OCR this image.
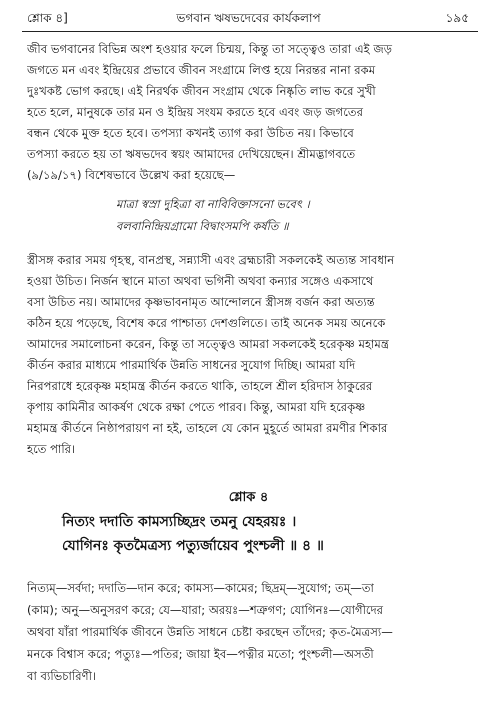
শ্লোক ৪]	ভগবান ঋষভদেবের কার্যকলাপ	১৯৫
জীব ভগবানের বিভিন্ন অংশ হওয়ার ফলে চিন্ময়, কিন্তু তা সত্ত্বেও তারা এই জড়
জগতে মন এবং ইন্দ্রিয়ের প্রভাবে জীবন সংগ্রামে লিপ্ত হয়ে নিরন্তর নানা রকম
দুঃখকষ্ট ভোগ করছে। এই নিরর্থক জীবন সংগ্রাম থেকে নিষ্কৃতি লাভ করে সুখী
হতে হলে, মানুষকে তার মন ও ইন্দ্রিয় সংযম করতে হবে এবং জড় জগতের
বন্ধন থেকে মুক্ত হতে হবে। তপস্যা কখনই ত্যাগ করা উচিত নয়। কিভাবে
তপস্যা করতে হয় তা ঋষভদেব স্বয়ং আমাদের দেখিয়েছেন। শ্রীমদ্ভাগবতে
(৯/১৯/১৭) বিশেষভাবে উল্লেখ করা হয়েছে—
মাত্রা স্বস্রা দুহিত্রা বা নাবিবিক্তাসনো ভবেৎ ।
বলবানিন্দ্রিয়গ্রামো বিদ্বাংসমপি কর্ষতি ॥
স্ত্রীসঙ্গ করার সময় গৃহস্থ, বানপ্রস্থ, সন্ন্যাসী এবং ব্রহ্মচারী সকলকেই অত্যন্ত সাবধান
হওয়া উচিত। নির্জন স্থানে মাতা অথবা ভগিনী অথবা কন্যার সঙ্গেও একসাথে
বসা উচিত নয়। আমাদের কৃষ্ণভাবনামৃত আন্দোলনে স্ত্রীসঙ্গ বর্জন করা অত্যন্ত
কঠিন হয়ে পড়েছে, বিশেষ করে পাশ্চাত্য দেশগুলিতে। তাই অনেক সময় অনেকে
আমাদের সমালোচনা করেন, কিন্তু তা সত্ত্বেও আমরা সকলকেই হরেকৃষ্ণ মহামন্ত্র
কীর্তন করার মাধ্যমে পারমার্থিক উন্নতি সাধনের সুযোগ দিচ্ছি। আমরা যদি
নিরপরাধে হরেকৃষ্ণ মহামন্ত্র কীর্তন করতে থাকি, তাহলে শ্রীল হরিদাস ঠাকুরের
কৃপায় কামিনীর আকর্ষণ থেকে রক্ষা পেতে পারব। কিন্তু, আমরা যদি হরেকৃষ্ণ
মহামন্ত্র কীর্তনে নিষ্ঠাপরায়ণ না হই, তাহলে যে কোন মুহূর্তে আমরা রমণীর শিকার
হতে পারি।
শ্লোক ৪
নিত্যং দদাতি কামস্যচ্ছিদ্রং তমনু যেহরয়ঃ ।
যোগিনঃ কৃতমৈত্রস্য পত্যুর্জায়েব পুংশ্চলী ॥ ৪ ॥
নিত্যম্—সর্বদা; দদাতি—দান করে; কামস্য—কামের; ছিদ্রম্—সুযোগ; তম্—তা
(কাম); অনু—অনুসরণ করে; যে—যারা; অরয়ঃ—শত্রুগণ; যোগিনঃ—যোগীদের
অথবা যাঁরা পারমার্থিক জীবনে উন্নতি সাধনে চেষ্টা করছেন তাঁদের; কৃত-মৈত্রস্য—
মনকে বিশ্বাস করে; পত্যুঃ—পতির; জায়া ইব—পত্নীর মতো; পুংশ্চলী—অসতী
বা ব্যভিচারিণী।
